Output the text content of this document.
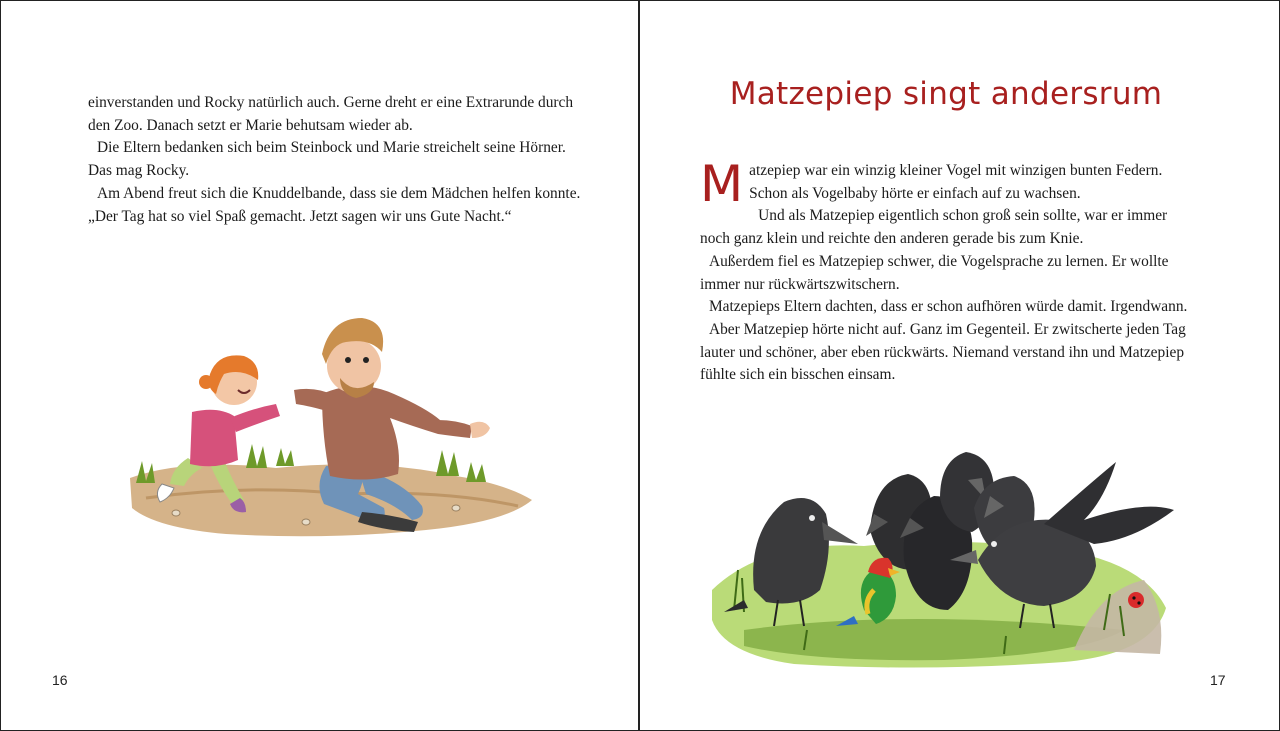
einverstanden und Rocky natürlich auch. Gerne dreht er eine Extrarunde durch den Zoo. Danach setzt er Marie behutsam wieder ab.

Die Eltern bedanken sich beim Steinbock und Marie streichelt seine Hörner. Das mag Rocky.

Am Abend freut sich die Knuddelbande, dass sie dem Mädchen helfen konnte. „Der Tag hat so viel Spaß gemacht. Jetzt sagen wir uns Gute Nacht.“

16
Matzepiep singt andersrum

Matzepiep war ein winzig kleiner Vogel mit winzigen bunten Federn. Schon als Vogelbaby hörte er einfach auf zu wachsen.

Und als Matzepiep eigentlich schon groß sein sollte, war er immer noch ganz klein und reichte den anderen gerade bis zum Knie.

Außerdem fiel es Matzepiep schwer, die Vogelsprache zu lernen. Er wollte immer nur rückwärtszwitschern.

Matzepieps Eltern dachten, dass er schon aufhören würde damit. Irgendwann.

Aber Matzepiep hörte nicht auf. Ganz im Gegenteil. Er zwitscherte jeden Tag lauter und schöner, aber eben rückwärts. Niemand verstand ihn und Matzepiep fühlte sich ein bisschen einsam.

17
